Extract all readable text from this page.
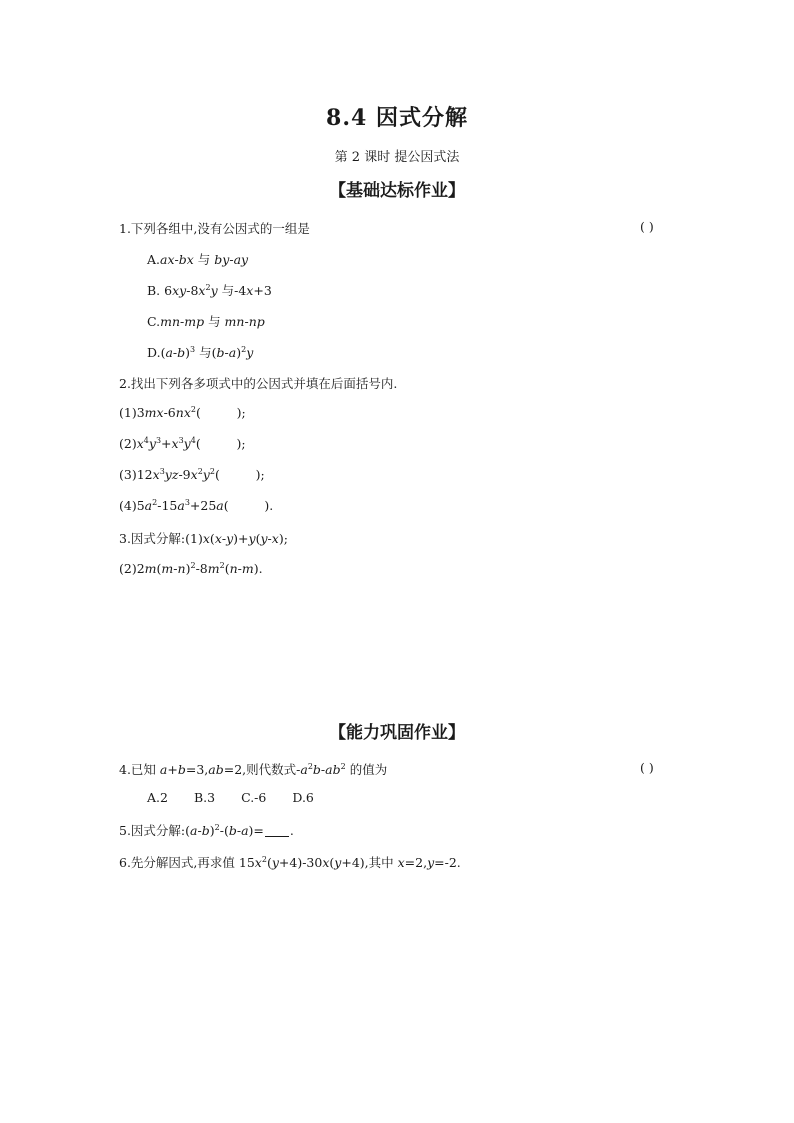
8.4 因式分解
第 2 课时 提公因式法
【基础达标作业】
1.下列各组中,没有公因式的一组是	( )
A.ax-bx 与 by-ay
B. $6xy-8x^2y$ 与-4x+3
C.mn-mp 与 mn-np
$D.(a-b)^3$ 与$(b-a)^2y$
2.找出下列各多项式中的公因式并填在后面括号内.
$(1)3mx-6nx^2$(         );
$(2)x^4y^3+x^3y^4$(         );
$(3)12x^3yz-9x^2y^2$(         );
$(4)5a^2-15a^3+25a$(         ).
3.因式分解:(1)x(x-y)+y(y-x);
$(2)2m(m-n)^2-8m^2(n-m)$.
【能力巩固作业】
4.已知 a+b=3,ab=2,则代数式$-a^2b-ab^2$ 的值为	( )
A.2 B.3 C.-6 D.6
5.因式分解$:(a-b)^2-(b-a)=$ .
6.先分解因式,再求值 $15x^2(y+4)-30x(y+4)$,其中 x=2,y=-2.
